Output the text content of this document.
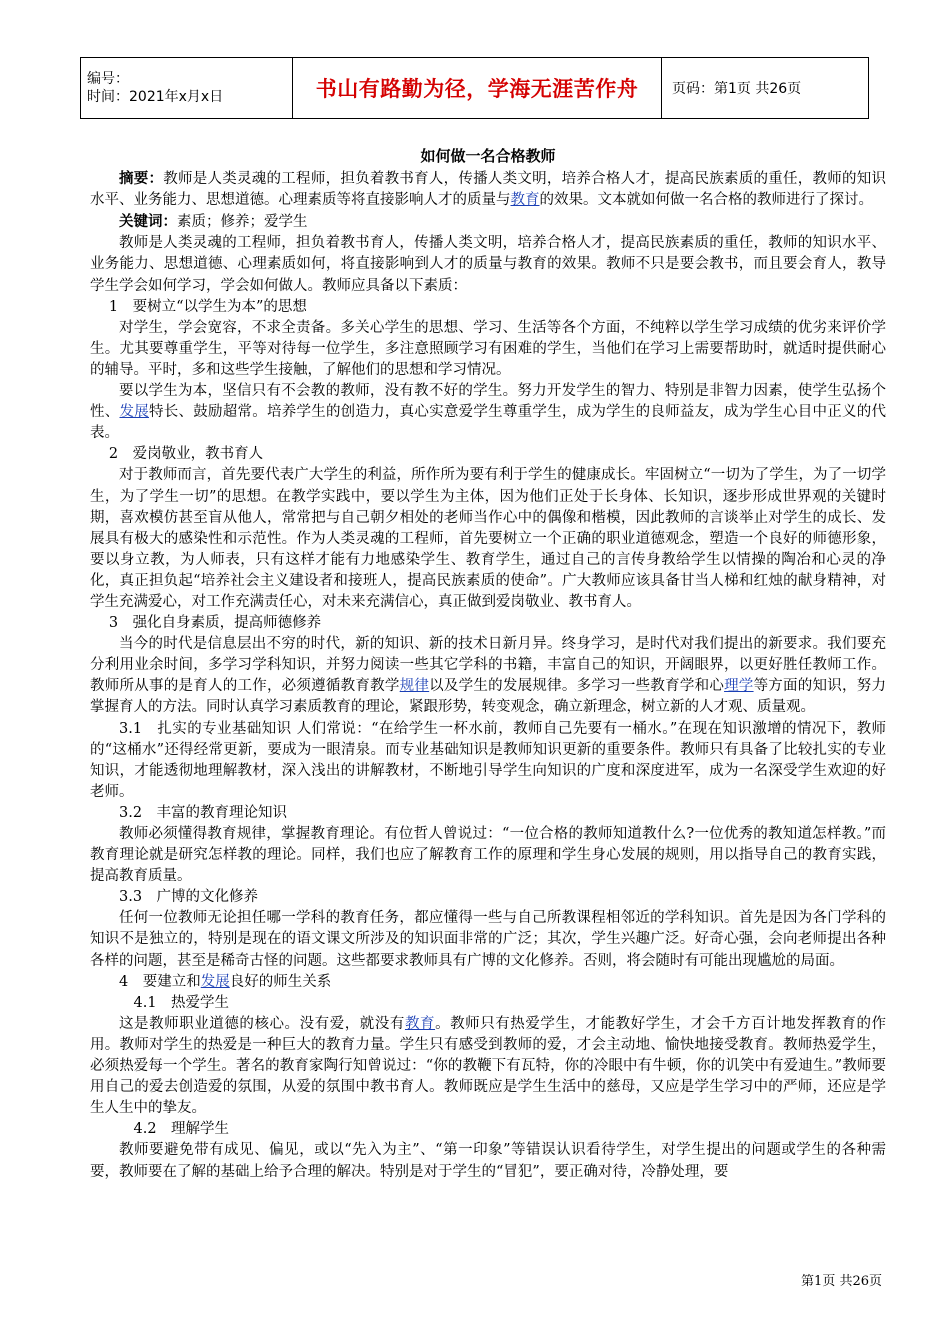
编号：
时间：2021年x月x日	书山有路勤为径，学海无涯苦作舟	页码：第1页 共26页

如何做一名合格教师

摘要：教师是人类灵魂的工程师，担负着教书育人，传播人类文明，培养合格人才，提高民族素质的重任，教师的知识水平、业务能力、思想道德。心理素质等将直接影响人才的质量与教育的效果。文本就如何做一名合格的教师进行了探讨。

关键词：素质；修养；爱学生

教师是人类灵魂的工程师，担负着教书育人，传播人类文明，培养合格人才，提高民族素质的重任，教师的知识水平、业务能力、思想道德、心理素质如何，将直接影响到人才的质量与教育的效果。教师不只是要会教书，而且要会育人，教导学生学会如何学习，学会如何做人。教师应具备以下素质：

1　要树立“以学生为本”的思想

对学生，学会宽容，不求全责备。多关心学生的思想、学习、生活等各个方面，不纯粹以学生学习成绩的优劣来评价学生。尤其要尊重学生，平等对待每一位学生，多注意照顾学习有困难的学生，当他们在学习上需要帮助时，就适时提供耐心的辅导。平时，多和这些学生接触，了解他们的思想和学习情况。

要以学生为本，坚信只有不会教的教师，没有教不好的学生。努力开发学生的智力、特别是非智力因素，使学生弘扬个性、发展特长、鼓励超常。培养学生的创造力，真心实意爱学生尊重学生，成为学生的良师益友，成为学生心目中正义的代表。

2　爱岗敬业，教书育人

对于教师而言，首先要代表广大学生的利益，所作所为要有利于学生的健康成长。牢固树立“一切为了学生，为了一切学生，为了学生一切”的思想。在教学实践中，要以学生为主体，因为他们正处于长身体、长知识，逐步形成世界观的关键时期，喜欢模仿甚至盲从他人，常常把与自己朝夕相处的老师当作心中的偶像和楷模，因此教师的言谈举止对学生的成长、发展具有极大的感染性和示范性。作为人类灵魂的工程师，首先要树立一个正确的职业道德观念，塑造一个良好的师德形象，要以身立教，为人师表，只有这样才能有力地感染学生、教育学生，通过自己的言传身教给学生以情操的陶冶和心灵的净化，真正担负起“培养社会主义建设者和接班人，提高民族素质的使命”。广大教师应该具备甘当人梯和红烛的献身精神，对学生充满爱心，对工作充满责任心，对未来充满信心，真正做到爱岗敬业、教书育人。

3　强化自身素质，提高师德修养

当今的时代是信息层出不穷的时代，新的知识、新的技术日新月异。终身学习，是时代对我们提出的新要求。我们要充分利用业余时间，多学习学科知识，并努力阅读一些其它学科的书籍，丰富自己的知识，开阔眼界，以更好胜任教师工作。教师所从事的是育人的工作，必须遵循教育教学规律以及学生的发展规律。多学习一些教育学和心理学等方面的知识，努力掌握育人的方法。同时认真学习素质教育的理论，紧跟形势，转变观念，确立新理念，树立新的人才观、质量观。

3.1　扎实的专业基础知识 人们常说：“在给学生一杯水前，教师自己先要有一桶水。”在现在知识激增的情况下，教师的“这桶水”还得经常更新，要成为一眼清泉。而专业基础知识是教师知识更新的重要条件。教师只有具备了比较扎实的专业知识，才能透彻地理解教材，深入浅出的讲解教材，不断地引导学生向知识的广度和深度进军，成为一名深受学生欢迎的好老师。

3.2　丰富的教育理论知识

教师必须懂得教育规律，掌握教育理论。有位哲人曾说过：“一位合格的教师知道教什么?一位优秀的教知道怎样教。”而教育理论就是研究怎样教的理论。同样，我们也应了解教育工作的原理和学生身心发展的规则，用以指导自己的教育实践，提高教育质量。

3.3　广博的文化修养

任何一位教师无论担任哪一学科的教育任务，都应懂得一些与自己所教课程相邻近的学科知识。首先是因为各门学科的知识不是独立的，特别是现在的语文课文所涉及的知识面非常的广泛；其次，学生兴趣广泛。好奇心强，会向老师提出各种各样的问题，甚至是稀奇古怪的问题。这些都要求教师具有广博的文化修养。否则，将会随时有可能出现尴尬的局面。

4　要建立和发展良好的师生关系

4.1　热爱学生

这是教师职业道德的核心。没有爱，就没有教育。教师只有热爱学生，才能教好学生，才会千方百计地发挥教育的作用。教师对学生的热爱是一种巨大的教育力量。学生只有感受到教师的爱，才会主动地、愉快地接受教育。教师热爱学生，必须热爱每一个学生。著名的教育家陶行知曾说过：“你的教鞭下有瓦特，你的冷眼中有牛顿，你的讥笑中有爱迪生。”教师要用自己的爱去创造爱的氛围，从爱的氛围中教书育人。教师既应是学生生活中的慈母，又应是学生学习中的严师，还应是学生人生中的挚友。

4.2　理解学生

教师要避免带有成见、偏见，或以“先入为主”、“第一印象”等错误认识看待学生，对学生提出的问题或学生的各种需要，教师要在了解的基础上给予合理的解决。特别是对于学生的“冒犯”，要正确对待，冷静处理，要

第1页 共26页
